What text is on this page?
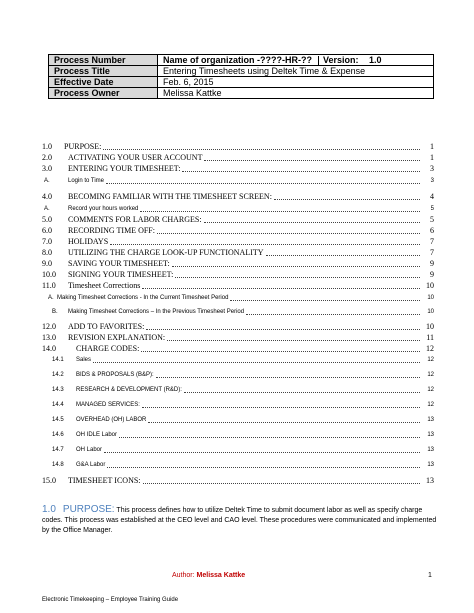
Process Number	Name of organization -????-HR-?? Version: 1.0
Process Title	Entering Timesheets using Deltek Time & Expense
Effective Date	Feb. 6, 2015
Process Owner	Melissa Kattke
1.0 PURPOSE:	1
2.0 ACTIVATING YOUR USER ACCOUNT	1
3.0 ENTERING YOUR TIMESHEET:	3
A.	Login to Time	3
4.0 BECOMING FAMILIAR WITH THE TIMESHEET SCREEN:	4
A.	Record your hours worked	5
5.0 COMMENTS FOR LABOR CHARGES:	5
6.0 RECORDING TIME OFF:	6
7.0 HOLIDAYS	7
8.0 UTILIZING THE CHARGE LOOK-UP FUNCTIONALITY	7
9.0 SAVING YOUR TIMESHEET:	9
10.0 SIGNING YOUR TIMESHEET:	9
11.0 Timesheet Corrections	10
A. Making Timesheet Corrections - In the Current Timesheet Period	10
B. Making Timesheet Corrections – In the Previous Timesheet Period	10
12.0 ADD TO FAVORITES:	10
13.0 REVISION EXPLANATION:	11
14.0	CHARGE CODES:	12
14.1 Sales	12
14.2 BIDS & PROPOSALS (B&P):	12
14.3 RESEARCH & DEVELOPMENT (R&D):	12
14.4 MANAGED SERVICES:	12
14.5 OVERHEAD (OH) LABOR	13
14.6 OH IDLE Labor	13
14.7 OH Labor	13
14.8 G&A Labor	13
15.0 TIMESHEET ICONS:	13
1.0 PURPOSE: This process defines how to utilize Deltek Time to submit document labor as well as specify charge codes. This process was established at the CEO level and CAO level. These procedures were communicated and implemented by the Office Manager.
Author: Melissa Kattke	1
Electronic Timekeeping – Employee Training Guide
